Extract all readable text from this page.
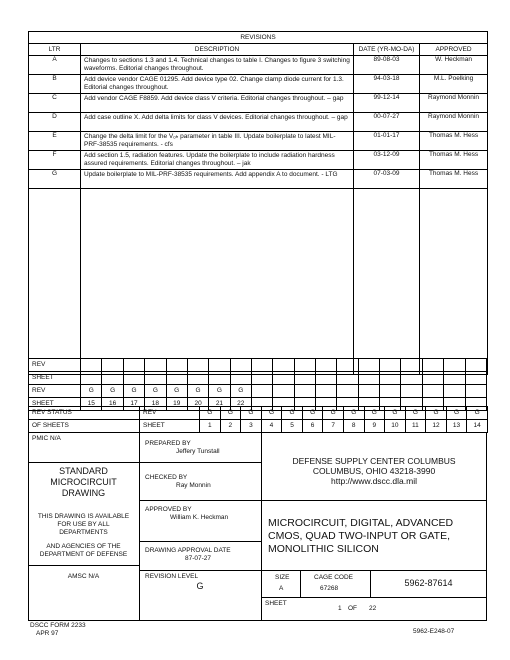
REVISIONS			
LTR	DESCRIPTION	DATE (YR-MO-DA)	APPROVED
A	Changes to sections 1.3 and 1.4. Technical changes to table I. Changes to figure 3 switching waveforms. Editorial changes throughout.	89-08-03	W. Heckman
B	Add device vendor CAGE 01295. Add device type 02. Change clamp diode current for 1.3. Editorial changes throughout.	94-03-18	M.L. Poelking
C	Add vendor CAGE F8859. Add device class V criteria. Editorial changes throughout. – gap	99-12-14	Raymond Monnin
D	Add case outline X. Add delta limits for class V devices. Editorial changes throughout. – gap	00-07-27	Raymond Monnin
E	Change the delta limit for the Vₒₕ parameter in table III. Update boilerplate to latest MIL-PRF-38535 requirements. - cfs	01-01-17	Thomas M. Hess
F	Add section 1.5, radiation features. Update the boilerplate to include radiation hardness assured requirements. Editorial changes throughout. – jak	03-12-09	Thomas M. Hess
G	Update boilerplate to MIL-PRF-38535 requirements. Add appendix A to document. - LTG	07-03-09	Thomas M. Hess

REV																			
SHEET																			
REV	G	G	G	G	G	G	G	G											
SHEET	15	16	17	18	19	20	21	22											
REV STATUS	REV	G	G	G	G	G	G	G	G	G	G	G	G	G	G
OF SHEETS	SHEET	1	2	3	4	5	6	7	8	9	10	11	12	13	14
PMIC N/A
PREPARED BY
Jeffery Tunstall
STANDARD
MICROCIRCUIT
DRAWING
CHECKED BY
Ray Monnin
THIS DRAWING IS AVAILABLE
FOR USE BY ALL
DEPARTMENTS
AND AGENCIES OF THE
DEPARTMENT OF DEFENSE
APPROVED BY
William K. Heckman
DRAWING APPROVAL DATE
87-07-27
AMSC N/A	REVISION LEVEL
G
DEFENSE SUPPLY CENTER COLUMBUS
COLUMBUS, OHIO 43218-3990
http://www.dscc.dla.mil
MICROCIRCUIT, DIGITAL, ADVANCED
CMOS, QUAD TWO-INPUT OR GATE,
MONOLITHIC SILICON
SIZE
A
CAGE CODE
67268
5962-87614
SHEET
1 OF 22
DSCC FORM 2233
APR 97	5962-E248-07
